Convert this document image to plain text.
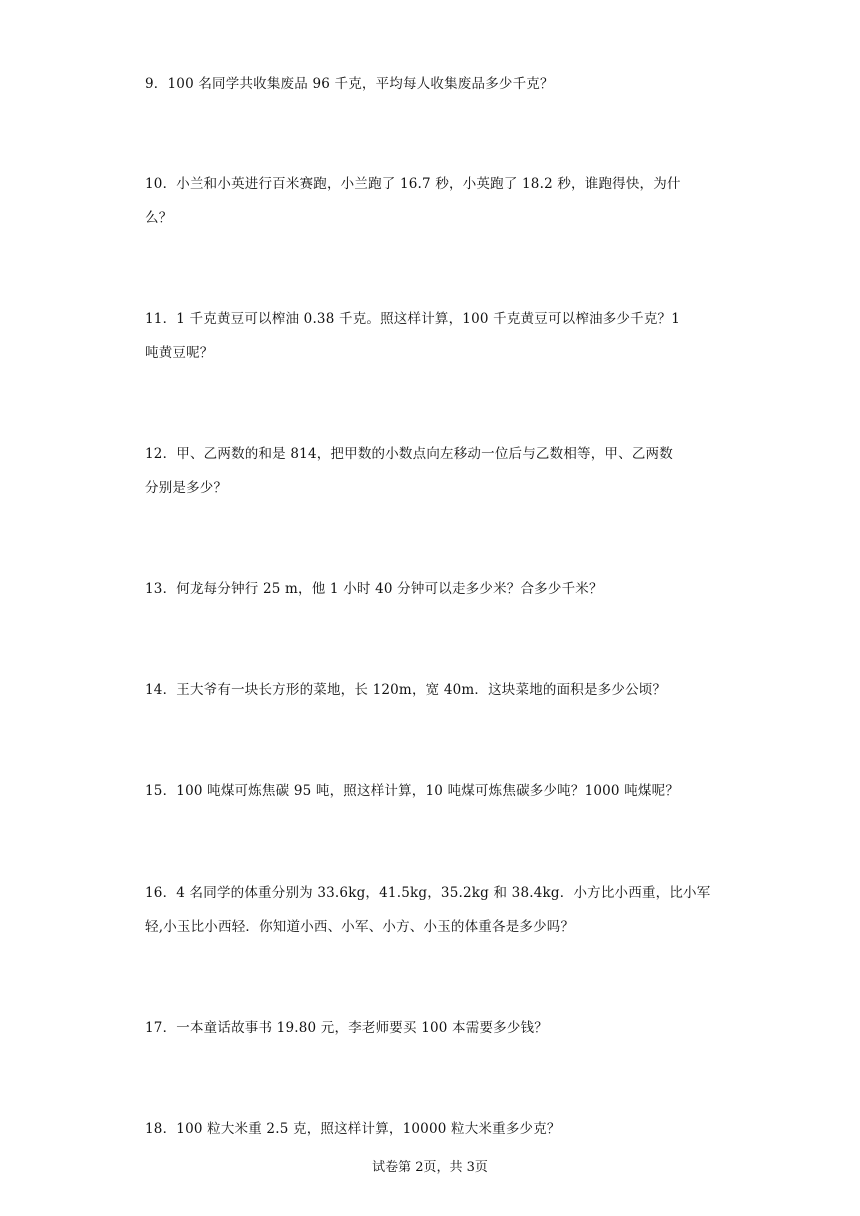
9．100 名同学共收集废品 96 千克，平均每人收集废品多少千克？
10．小兰和小英进行百米赛跑，小兰跑了 16.7 秒，小英跑了 18.2 秒，谁跑得快，为什
么？
11．1 千克黄豆可以榨油 0.38 千克。照这样计算，100 千克黄豆可以榨油多少千克？1
吨黄豆呢？
12．甲、乙两数的和是 814，把甲数的小数点向左移动一位后与乙数相等，甲、乙两数
分别是多少？
13．何龙每分钟行 25 m，他 1 小时 40 分钟可以走多少米？合多少千米？
14．王大爷有一块长方形的菜地，长 120m，宽 40m．这块菜地的面积是多少公顷？
15．100 吨煤可炼焦碳 95 吨，照这样计算，10 吨煤可炼焦碳多少吨？1000 吨煤呢？
16．4 名同学的体重分别为 33.6kg，41.5kg，35.2kg 和 38.4kg．小方比小西重，比小军
轻,小玉比小西轻．你知道小西、小军、小方、小玉的体重各是多少吗？
17．一本童话故事书 19.80 元，李老师要买 100 本需要多少钱？
18．100 粒大米重 2.5 克，照这样计算，10000 粒大米重多少克？
试卷第 2页，共 3页
